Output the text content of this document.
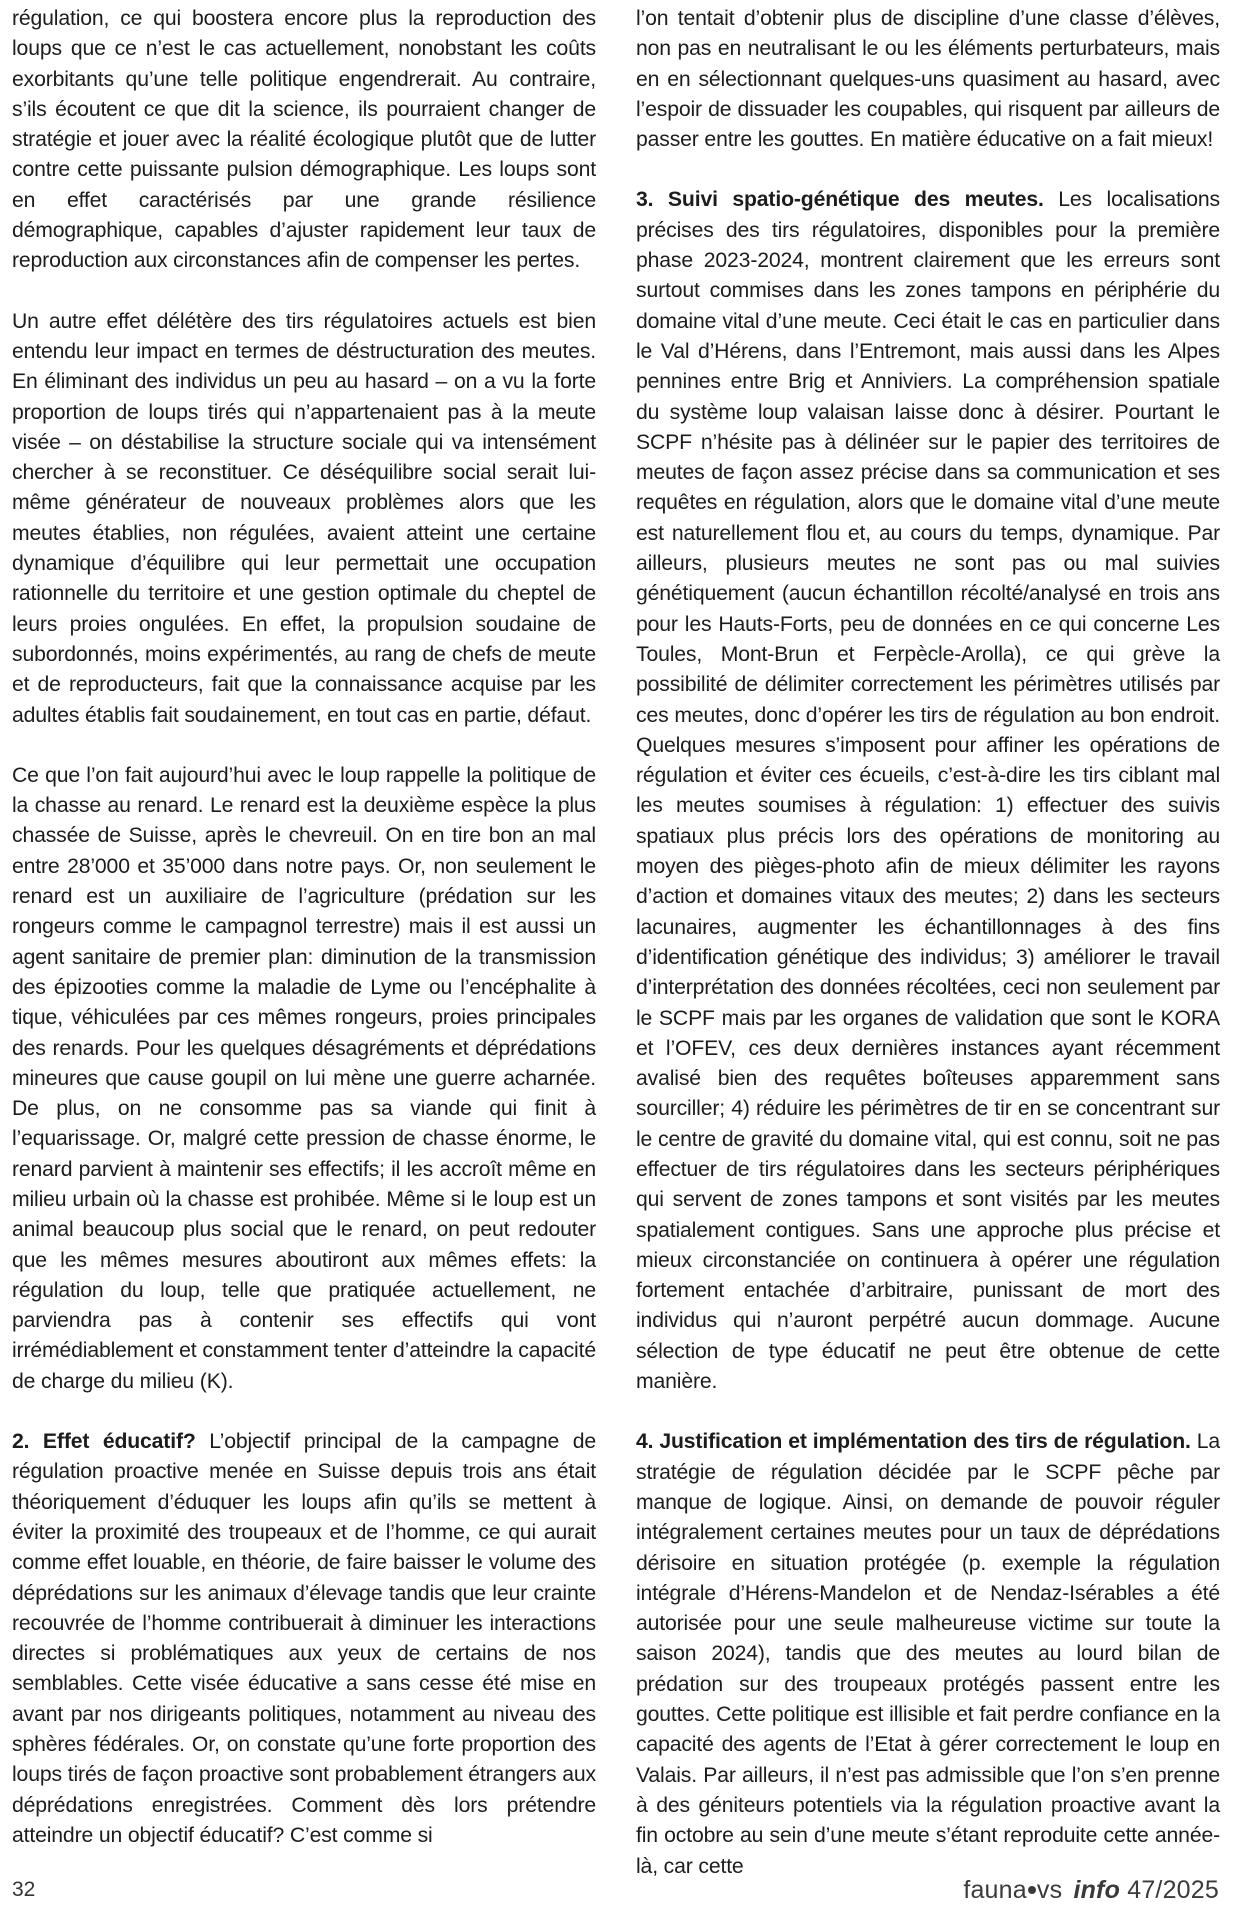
régulation, ce qui boostera encore plus la reproduction des loups que ce n’est le cas actuellement, nonobstant les coûts exorbitants qu’une telle politique engendrerait. Au contraire, s’ils écoutent ce que dit la science, ils pourraient changer de stratégie et jouer avec la réalité écologique plutôt que de lutter contre cette puissante pulsion démographique. Les loups sont en effet caractérisés par une grande résilience démographique, capables d’ajuster rapidement leur taux de reproduction aux circonstances afin de compenser les pertes.

Un autre effet délétère des tirs régulatoires actuels est bien entendu leur impact en termes de déstructuration des meutes. En éliminant des individus un peu au hasard – on a vu la forte proportion de loups tirés qui n’appartenaient pas à la meute visée – on déstabilise la structure sociale qui va intensément chercher à se reconstituer. Ce déséquilibre social serait lui-même générateur de nouveaux problèmes alors que les meutes établies, non régulées, avaient atteint une certaine dynamique d’équilibre qui leur permettait une occupation rationnelle du territoire et une gestion optimale du cheptel de leurs proies ongulées. En effet, la propulsion soudaine de subordonnés, moins expérimentés, au rang de chefs de meute et de reproducteurs, fait que la connaissance acquise par les adultes établis fait soudainement, en tout cas en partie, défaut.

Ce que l’on fait aujourd’hui avec le loup rappelle la politique de la chasse au renard. Le renard est la deuxième espèce la plus chassée de Suisse, après le chevreuil. On en tire bon an mal entre 28’000 et 35’000 dans notre pays. Or, non seulement le renard est un auxiliaire de l’agriculture (prédation sur les rongeurs comme le campagnol terrestre) mais il est aussi un agent sanitaire de premier plan: diminution de la transmission des épizooties comme la maladie de Lyme ou l’encéphalite à tique, véhiculées par ces mêmes rongeurs, proies principales des renards. Pour les quelques désagréments et déprédations mineures que cause goupil on lui mène une guerre acharnée. De plus, on ne consomme pas sa viande qui finit à l’equarissage. Or, malgré cette pression de chasse énorme, le renard parvient à maintenir ses effectifs; il les accroît même en milieu urbain où la chasse est prohibée. Même si le loup est un animal beaucoup plus social que le renard, on peut redouter que les mêmes mesures aboutiront aux mêmes effets: la régulation du loup, telle que pratiquée actuellement, ne parviendra pas à contenir ses effectifs qui vont irrémédiablement et constamment tenter d’atteindre la capacité de charge du milieu (K).

2. Effet éducatif? L’objectif principal de la campagne de régulation proactive menée en Suisse depuis trois ans était théoriquement d’éduquer les loups afin qu’ils se mettent à éviter la proximité des troupeaux et de l’homme, ce qui aurait comme effet louable, en théorie, de faire baisser le volume des déprédations sur les animaux d’élevage tandis que leur crainte recouvrée de l’homme contribuerait à diminuer les interactions directes si problématiques aux yeux de certains de nos semblables. Cette visée éducative a sans cesse été mise en avant par nos dirigeants politiques, notamment au niveau des sphères fédérales. Or, on constate qu’une forte proportion des loups tirés de façon proactive sont probablement étrangers aux déprédations enregistrées. Comment dès lors prétendre atteindre un objectif éducatif? C’est comme si

l’on tentait d’obtenir plus de discipline d’une classe d’élèves, non pas en neutralisant le ou les éléments perturbateurs, mais en en sélectionnant quelques-uns quasiment au hasard, avec l’espoir de dissuader les coupables, qui risquent par ailleurs de passer entre les gouttes. En matière éducative on a fait mieux!

3. Suivi spatio-génétique des meutes. Les localisations précises des tirs régulatoires, disponibles pour la première phase 2023-2024, montrent clairement que les erreurs sont surtout commises dans les zones tampons en périphérie du domaine vital d’une meute. Ceci était le cas en particulier dans le Val d’Hérens, dans l’Entremont, mais aussi dans les Alpes pennines entre Brig et Anniviers. La compréhension spatiale du système loup valaisan laisse donc à désirer. Pourtant le SCPF n’hésite pas à délinéer sur le papier des territoires de meutes de façon assez précise dans sa communication et ses requêtes en régulation, alors que le domaine vital d’une meute est naturellement flou et, au cours du temps, dynamique. Par ailleurs, plusieurs meutes ne sont pas ou mal suivies génétiquement (aucun échantillon récolté/analysé en trois ans pour les Hauts-Forts, peu de données en ce qui concerne Les Toules, Mont-Brun et Ferpècle-Arolla), ce qui grève la possibilité de délimiter correctement les périmètres utilisés par ces meutes, donc d’opérer les tirs de régulation au bon endroit. Quelques mesures s’imposent pour affiner les opérations de régulation et éviter ces écueils, c’est-à-dire les tirs ciblant mal les meutes soumises à régulation: 1) effectuer des suivis spatiaux plus précis lors des opérations de monitoring au moyen des pièges-photo afin de mieux délimiter les rayons d’action et domaines vitaux des meutes; 2) dans les secteurs lacunaires, augmenter les échantillonnages à des fins d’identification génétique des individus; 3) améliorer le travail d’interprétation des données récoltées, ceci non seulement par le SCPF mais par les organes de validation que sont le KORA et l’OFEV, ces deux dernières instances ayant récemment avalisé bien des requêtes boîteuses apparemment sans sourciller; 4) réduire les périmètres de tir en se concentrant sur le centre de gravité du domaine vital, qui est connu, soit ne pas effectuer de tirs régulatoires dans les secteurs périphériques qui servent de zones tampons et sont visités par les meutes spatialement contigues. Sans une approche plus précise et mieux circonstanciée on continuera à opérer une régulation fortement entachée d’arbitraire, punissant de mort des individus qui n’auront perpétré aucun dommage. Aucune sélection de type éducatif ne peut être obtenue de cette manière.

4. Justification et implémentation des tirs de régulation. La stratégie de régulation décidée par le SCPF pêche par manque de logique. Ainsi, on demande de pouvoir réguler intégralement certaines meutes pour un taux de déprédations dérisoire en situation protégée (p. exemple la régulation intégrale d’Hérens-Mandelon et de Nendaz-Isérables a été autorisée pour une seule malheureuse victime sur toute la saison 2024), tandis que des meutes au lourd bilan de prédation sur des troupeaux protégés passent entre les gouttes. Cette politique est illisible et fait perdre confiance en la capacité des agents de l’Etat à gérer correctement le loup en Valais. Par ailleurs, il n’est pas admissible que l’on s’en prenne à des géniteurs potentiels via la régulation proactive avant la fin octobre au sein d’une meute s’étant reproduite cette année-là, car cette

32	fauna vs info 47/2025
